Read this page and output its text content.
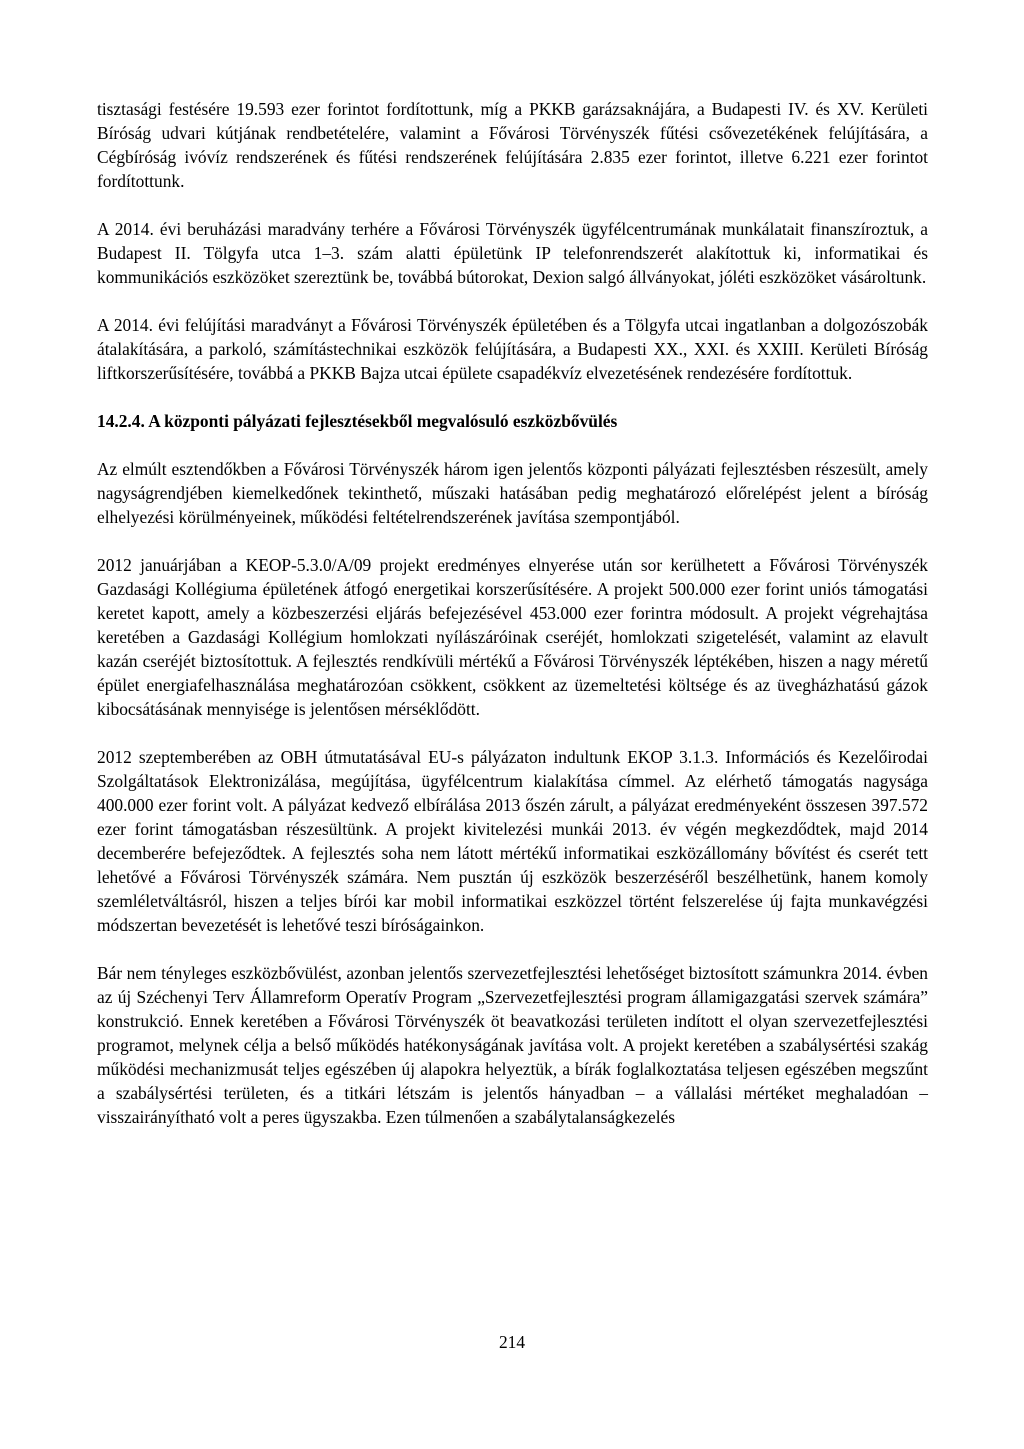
tisztasági festésére 19.593 ezer forintot fordítottunk, míg a PKKB garázsaknájára, a Budapesti IV. és XV. Kerületi Bíróság udvari kútjának rendbetételére, valamint a Fővárosi Törvényszék fűtési csővezetékének felújítására, a Cégbíróság ivóvíz rendszerének és fűtési rendszerének felújítására 2.835 ezer forintot, illetve 6.221 ezer forintot fordítottunk.

A 2014. évi beruházási maradvány terhére a Fővárosi Törvényszék ügyfélcentrumának munkálatait finanszíroztuk, a Budapest II. Tölgyfa utca 1–3. szám alatti épületünk IP telefonrendszerét alakítottuk ki, informatikai és kommunikációs eszközöket szereztünk be, továbbá bútorokat, Dexion salgó állványokat, jóléti eszközöket vásároltunk.

A 2014. évi felújítási maradványt a Fővárosi Törvényszék épületében és a Tölgyfa utcai ingatlanban a dolgozószobák átalakítására, a parkoló, számítástechnikai eszközök felújítására, a Budapesti XX., XXI. és XXIII. Kerületi Bíróság liftkorszerűsítésére, továbbá a PKKB Bajza utcai épülete csapadékvíz elvezetésének rendezésére fordítottuk.

14.2.4. A központi pályázati fejlesztésekből megvalósuló eszközbővülés

Az elmúlt esztendőkben a Fővárosi Törvényszék három igen jelentős központi pályázati fejlesztésben részesült, amely nagyságrendjében kiemelkedőnek tekinthető, műszaki hatásában pedig meghatározó előrelépést jelent a bíróság elhelyezési körülményeinek, működési feltételrendszerének javítása szempontjából.

2012 januárjában a KEOP-5.3.0/A/09 projekt eredményes elnyerése után sor kerülhetett a Fővárosi Törvényszék Gazdasági Kollégiuma épületének átfogó energetikai korszerűsítésére. A projekt 500.000 ezer forint uniós támogatási keretet kapott, amely a közbeszerzési eljárás befejezésével 453.000 ezer forintra módosult. A projekt végrehajtása keretében a Gazdasági Kollégium homlokzati nyílászáróinak cseréjét, homlokzati szigetelését, valamint az elavult kazán cseréjét biztosítottuk. A fejlesztés rendkívüli mértékű a Fővárosi Törvényszék léptékében, hiszen a nagy méretű épület energiafelhasználása meghatározóan csökkent, csökkent az üzemeltetési költsége és az üvegházhatású gázok kibocsátásának mennyisége is jelentősen mérséklődött.

2012 szeptemberében az OBH útmutatásával EU-s pályázaton indultunk EKOP 3.1.3. Információs és Kezelőirodai Szolgáltatások Elektronizálása, megújítása, ügyfélcentrum kialakítása címmel. Az elérhető támogatás nagysága 400.000 ezer forint volt. A pályázat kedvező elbírálása 2013 őszén zárult, a pályázat eredményeként összesen 397.572 ezer forint támogatásban részesültünk. A projekt kivitelezési munkái 2013. év végén megkezdődtek, majd 2014 decemberére befejeződtek. A fejlesztés soha nem látott mértékű informatikai eszközállomány bővítést és cserét tett lehetővé a Fővárosi Törvényszék számára. Nem pusztán új eszközök beszerzéséről beszélhetünk, hanem komoly szemléletváltásról, hiszen a teljes bírói kar mobil informatikai eszközzel történt felszerelése új fajta munkavégzési módszertan bevezetését is lehetővé teszi bíróságainkon.

Bár nem tényleges eszközbővülést, azonban jelentős szervezetfejlesztési lehetőséget biztosított számunkra 2014. évben az új Széchenyi Terv Államreform Operatív Program „Szervezetfejlesztési program államigazgatási szervek számára” konstrukció. Ennek keretében a Fővárosi Törvényszék öt beavatkozási területen indított el olyan szervezetfejlesztési programot, melynek célja a belső működés hatékonyságának javítása volt. A projekt keretében a szabálysértési szakág működési mechanizmusát teljes egészében új alapokra helyeztük, a bírák foglalkoztatása teljesen egészében megszűnt a szabálysértési területen, és a titkári létszám is jelentős hányadban – a vállalási mértéket meghaladóan – visszairányítható volt a peres ügyszakba. Ezen túlmenően a szabálytalanságkezelés

214
